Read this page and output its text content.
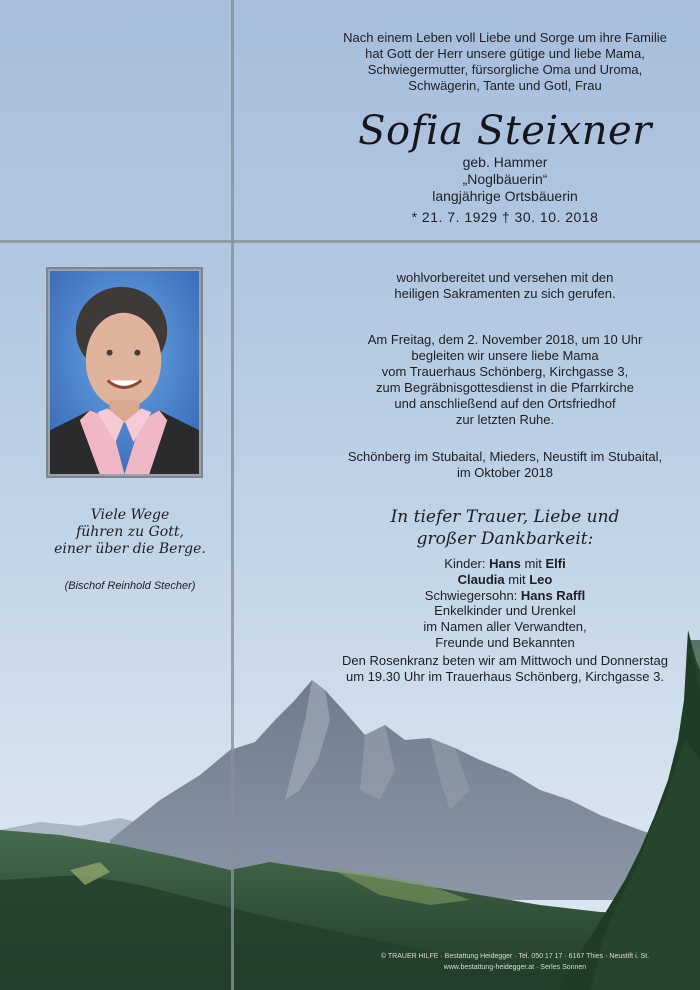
Nach einem Leben voll Liebe und Sorge um ihre Familie
hat Gott der Herr unsere gütige und liebe Mama,
Schwiegermutter, fürsorgliche Oma und Uroma,
Schwägerin, Tante und Gotl, Frau
Sofia Steixner
geb. Hammer
„Noglbäuerin“
langjährige Ortsbäuerin
* 21. 7. 1929 † 30. 10. 2018
Viele Wege
führen zu Gott,
einer über die Berge.
(Bischof Reinhold Stecher)
wohlvorbereitet und versehen mit den
heiligen Sakramenten zu sich gerufen.
Am Freitag, dem 2. November 2018, um 10 Uhr
begleiten wir unsere liebe Mama
vom Trauerhaus Schönberg, Kirchgasse 3,
zum Begräbnisgottesdienst in die Pfarrkirche
und anschließend auf den Ortsfriedhof
zur letzten Ruhe.
Schönberg im Stubaital, Mieders, Neustift im Stubaital,
im Oktober 2018
In tiefer Trauer, Liebe und
großer Dankbarkeit:
Kinder: Hans mit Elfi
Claudia mit Leo
Schwiegersohn: Hans Raffl
Enkelkinder und Urenkel
im Namen aller Verwandten,
Freunde und Bekannten
Den Rosenkranz beten wir am Mittwoch und Donnerstag
um 19.30 Uhr im Trauerhaus Schönberg, Kirchgasse 3.
© TRAUER HILFE · Bestattung Heidegger · Tel. 050 17 17 · 6167 Thies · Neustift i. St.
www.bestattung-heidegger.at · Serles Sonnen
